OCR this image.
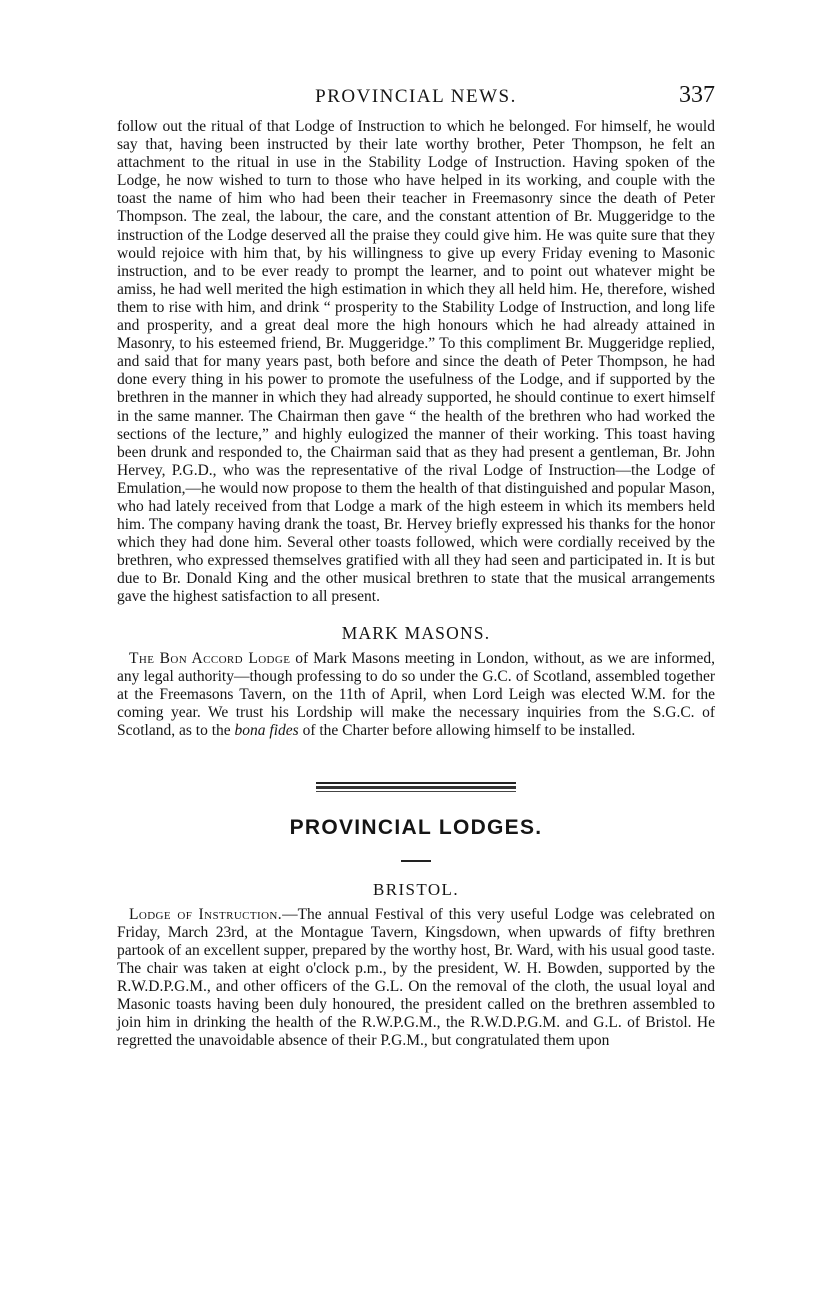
PROVINCIAL NEWS.	337

follow out the ritual of that Lodge of Instruction to which he belonged. For himself, he would say that, having been instructed by their late worthy brother, Peter Thompson, he felt an attachment to the ritual in use in the Stability Lodge of Instruction. Having spoken of the Lodge, he now wished to turn to those who have helped in its working, and couple with the toast the name of him who had been their teacher in Freemasonry since the death of Peter Thompson. The zeal, the labour, the care, and the constant attention of Br. Muggeridge to the instruction of the Lodge deserved all the praise they could give him. He was quite sure that they would rejoice with him that, by his willingness to give up every Friday evening to Masonic instruction, and to be ever ready to prompt the learner, and to point out whatever might be amiss, he had well merited the high estimation in which they all held him. He, therefore, wished them to rise with him, and drink “ prosperity to the Stability Lodge of Instruction, and long life and prosperity, and a great deal more the high honours which he had already attained in Masonry, to his esteemed friend, Br. Muggeridge.” To this compliment Br. Muggeridge replied, and said that for many years past, both before and since the death of Peter Thompson, he had done every thing in his power to promote the usefulness of the Lodge, and if supported by the brethren in the manner in which they had already supported, he should continue to exert himself in the same manner. The Chairman then gave “ the health of the brethren who had worked the sections of the lecture,” and highly eulogized the manner of their working. This toast having been drunk and responded to, the Chairman said that as they had present a gentleman, Br. John Hervey, P.G.D., who was the representative of the rival Lodge of Instruction—the Lodge of Emulation,—he would now propose to them the health of that distinguished and popular Mason, who had lately received from that Lodge a mark of the high esteem in which its members held him. The company having drank the toast, Br. Hervey briefly expressed his thanks for the honor which they had done him. Several other toasts followed, which were cordially received by the brethren, who expressed themselves gratified with all they had seen and participated in. It is but due to Br. Donald King and the other musical brethren to state that the musical arrangements gave the highest satisfaction to all present.

MARK MASONS.

The Bon Accord Lodge of Mark Masons meeting in London, without, as we are informed, any legal authority—though professing to do so under the G.C. of Scotland, assembled together at the Freemasons Tavern, on the 11th of April, when Lord Leigh was elected W.M. for the coming year. We trust his Lordship will make the necessary inquiries from the S.G.C. of Scotland, as to the bona fides of the Charter before allowing himself to be installed.

PROVINCIAL LODGES.
BRISTOL.

Lodge of Instruction.—The annual Festival of this very useful Lodge was celebrated on Friday, March 23rd, at the Montague Tavern, Kingsdown, when upwards of fifty brethren partook of an excellent supper, prepared by the worthy host, Br. Ward, with his usual good taste. The chair was taken at eight o'clock p.m., by the president, W. H. Bowden, supported by the R.W.D.P.G.M., and other officers of the G.L. On the removal of the cloth, the usual loyal and Masonic toasts having been duly honoured, the president called on the brethren assembled to join him in drinking the health of the R.W.P.G.M., the R.W.D.P.G.M. and G.L. of Bristol. He regretted the unavoidable absence of their P.G.M., but congratulated them upon
